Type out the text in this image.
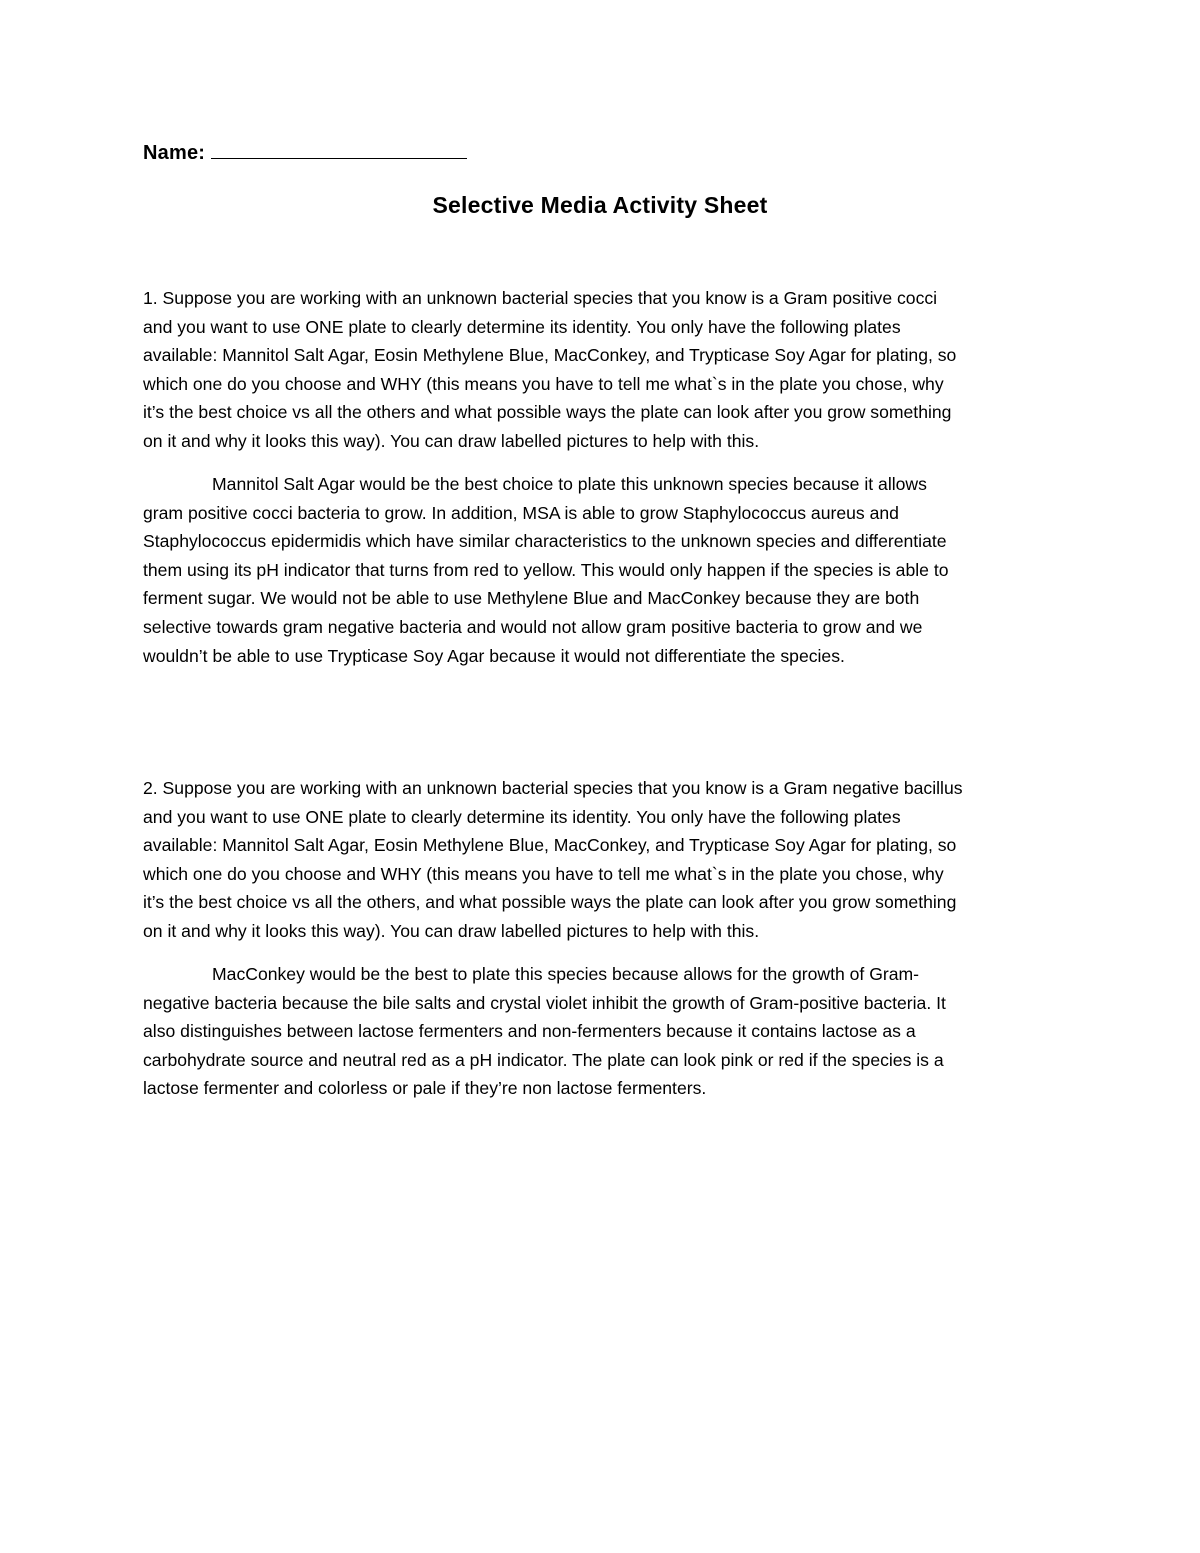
Name:
Selective Media Activity Sheet
1. Suppose you are working with an unknown bacterial species that you know is a Gram positive cocci
and you want to use ONE plate to clearly determine its identity. You only have the following plates
available: Mannitol Salt Agar, Eosin Methylene Blue, MacConkey, and Trypticase Soy Agar for plating, so
which one do you choose and WHY (this means you have to tell me what`s in the plate you chose, why
it’s the best choice vs all the others and what possible ways the plate can look after you grow something
on it and why it looks this way). You can draw labelled pictures to help with this.
Mannitol Salt Agar would be the best choice to plate this unknown species because it allows
gram positive cocci bacteria to grow. In addition, MSA is able to grow Staphylococcus aureus and
Staphylococcus epidermidis which have similar characteristics to the unknown species and differentiate
them using its pH indicator that turns from red to yellow. This would only happen if the species is able to
ferment sugar. We would not be able to use Methylene Blue and MacConkey because they are both
selective towards gram negative bacteria and would not allow gram positive bacteria to grow and we
wouldn’t be able to use Trypticase Soy Agar because it would not differentiate the species.
2. Suppose you are working with an unknown bacterial species that you know is a Gram negative bacillus
and you want to use ONE plate to clearly determine its identity. You only have the following plates
available: Mannitol Salt Agar, Eosin Methylene Blue, MacConkey, and Trypticase Soy Agar for plating, so
which one do you choose and WHY (this means you have to tell me what`s in the plate you chose, why
it’s the best choice vs all the others, and what possible ways the plate can look after you grow something
on it and why it looks this way). You can draw labelled pictures to help with this.
MacConkey would be the best to plate this species because allows for the growth of Gram-
negative bacteria because the bile salts and crystal violet inhibit the growth of Gram-positive bacteria. It
also distinguishes between lactose fermenters and non-fermenters because it contains lactose as a
carbohydrate source and neutral red as a pH indicator. The plate can look pink or red if the species is a
lactose fermenter and colorless or pale if they’re non lactose fermenters.
